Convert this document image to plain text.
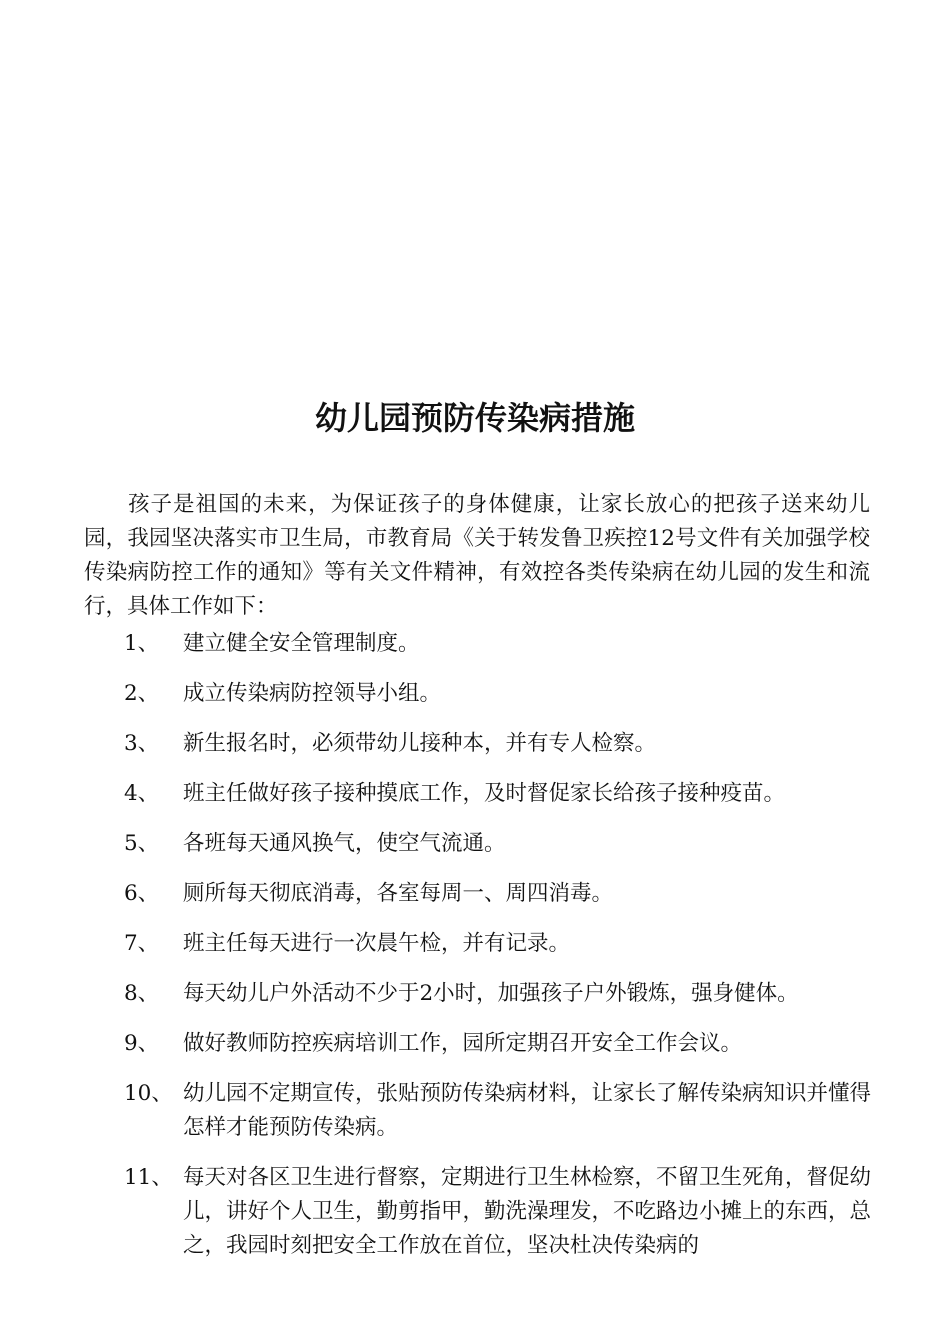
幼儿园预防传染病措施
孩子是祖国的未来，为保证孩子的身体健康，让家长放心的把孩子送来幼儿园，我园坚决落实市卫生局，市教育局《关于转发鲁卫疾控12号文件有关加强学校传染病防控工作的通知》等有关文件精神，有效控各类传染病在幼儿园的发生和流行，具体工作如下：
1、	建立健全安全管理制度。
2、	成立传染病防控领导小组。
3、	新生报名时，必须带幼儿接种本，并有专人检察。
4、	班主任做好孩子接种摸底工作，及时督促家长给孩子接种疫苗。
5、	各班每天通风换气，使空气流通。
6、	厕所每天彻底消毒，各室每周一、周四消毒。
7、	班主任每天进行一次晨午检，并有记录。
8、	每天幼儿户外活动不少于2小时，加强孩子户外锻炼，强身健体。
9、	做好教师防控疾病培训工作，园所定期召开安全工作会议。
10、 幼儿园不定期宣传，张贴预防传染病材料，让家长了解传染病知识并懂得怎样才能预防传染病。
11、 每天对各区卫生进行督察，定期进行卫生林检察，不留卫生死角，督促幼儿，讲好个人卫生，勤剪指甲，勤洗澡理发，不吃路边小摊上的东西，总之，我园时刻把安全工作放在首位，坚决杜决传染病的
